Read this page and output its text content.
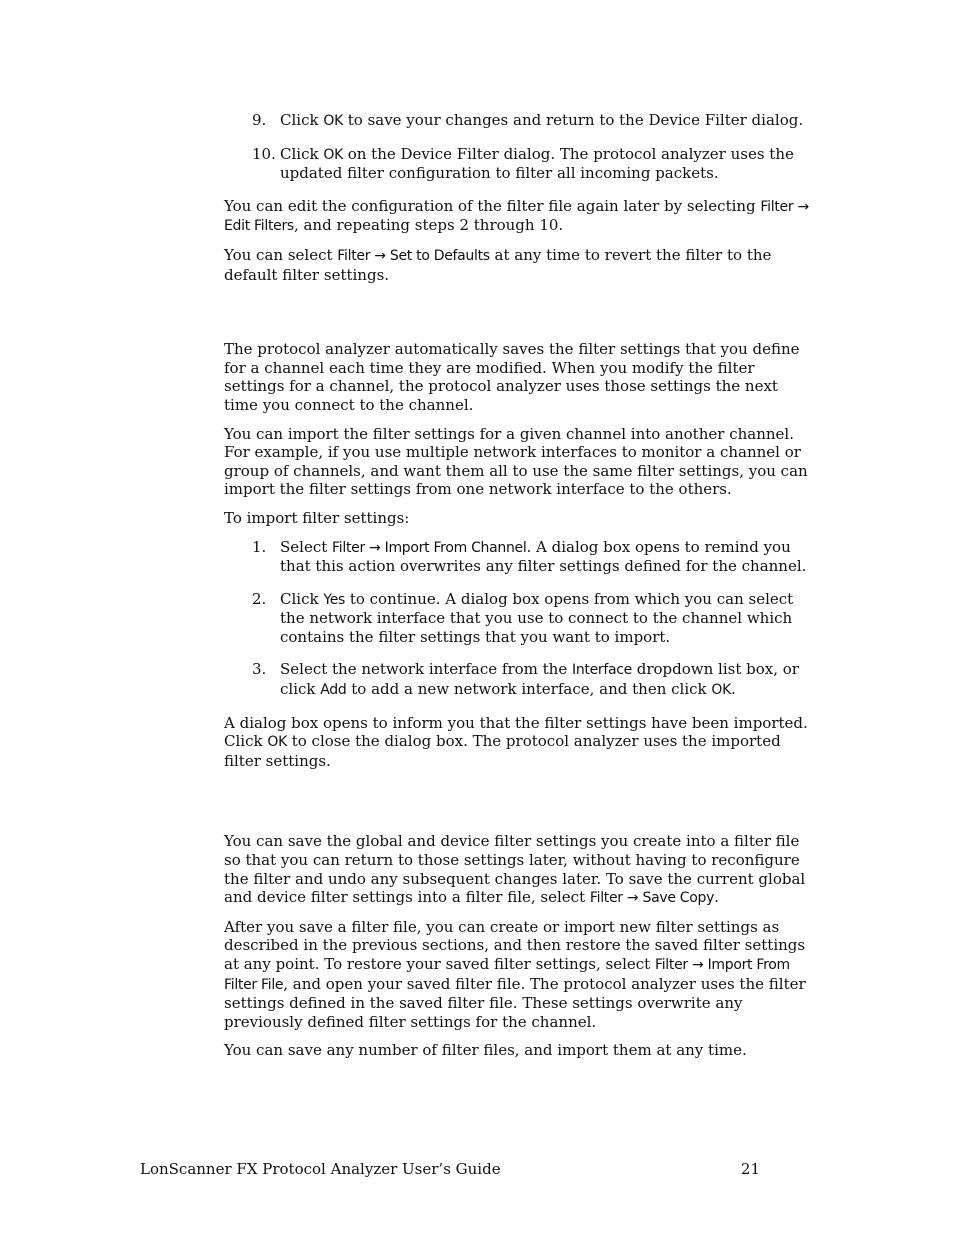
9. Click OK to save your changes and return to the Device Filter dialog.
10. Click OK on the Device Filter dialog. The protocol analyzer uses the updated filter configuration to filter all incoming packets.

You can edit the configuration of the filter file again later by selecting Filter → Edit Filters, and repeating steps 2 through 10.

You can select Filter → Set to Defaults at any time to revert the filter to the default filter settings.

The protocol analyzer automatically saves the filter settings that you define for a channel each time they are modified. When you modify the filter settings for a channel, the protocol analyzer uses those settings the next time you connect to the channel.

You can import the filter settings for a given channel into another channel. For example, if you use multiple network interfaces to monitor a channel or group of channels, and want them all to use the same filter settings, you can import the filter settings from one network interface to the others.

To import filter settings:

1. Select Filter → Import From Channel. A dialog box opens to remind you that this action overwrites any filter settings defined for the channel.
2. Click Yes to continue. A dialog box opens from which you can select the network interface that you use to connect to the channel which contains the filter settings that you want to import.
3. Select the network interface from the Interface dropdown list box, or click Add to add a new network interface, and then click OK.

A dialog box opens to inform you that the filter settings have been imported. Click OK to close the dialog box. The protocol analyzer uses the imported filter settings.

You can save the global and device filter settings you create into a filter file so that you can return to those settings later, without having to reconfigure the filter and undo any subsequent changes later. To save the current global and device filter settings into a filter file, select Filter → Save Copy.

After you save a filter file, you can create or import new filter settings as described in the previous sections, and then restore the saved filter settings at any point. To restore your saved filter settings, select Filter → Import From Filter File, and open your saved filter file. The protocol analyzer uses the filter settings defined in the saved filter file. These settings overwrite any previously defined filter settings for the channel.

You can save any number of filter files, and import them at any time.

LonScanner FX Protocol Analyzer User’s Guide	21
